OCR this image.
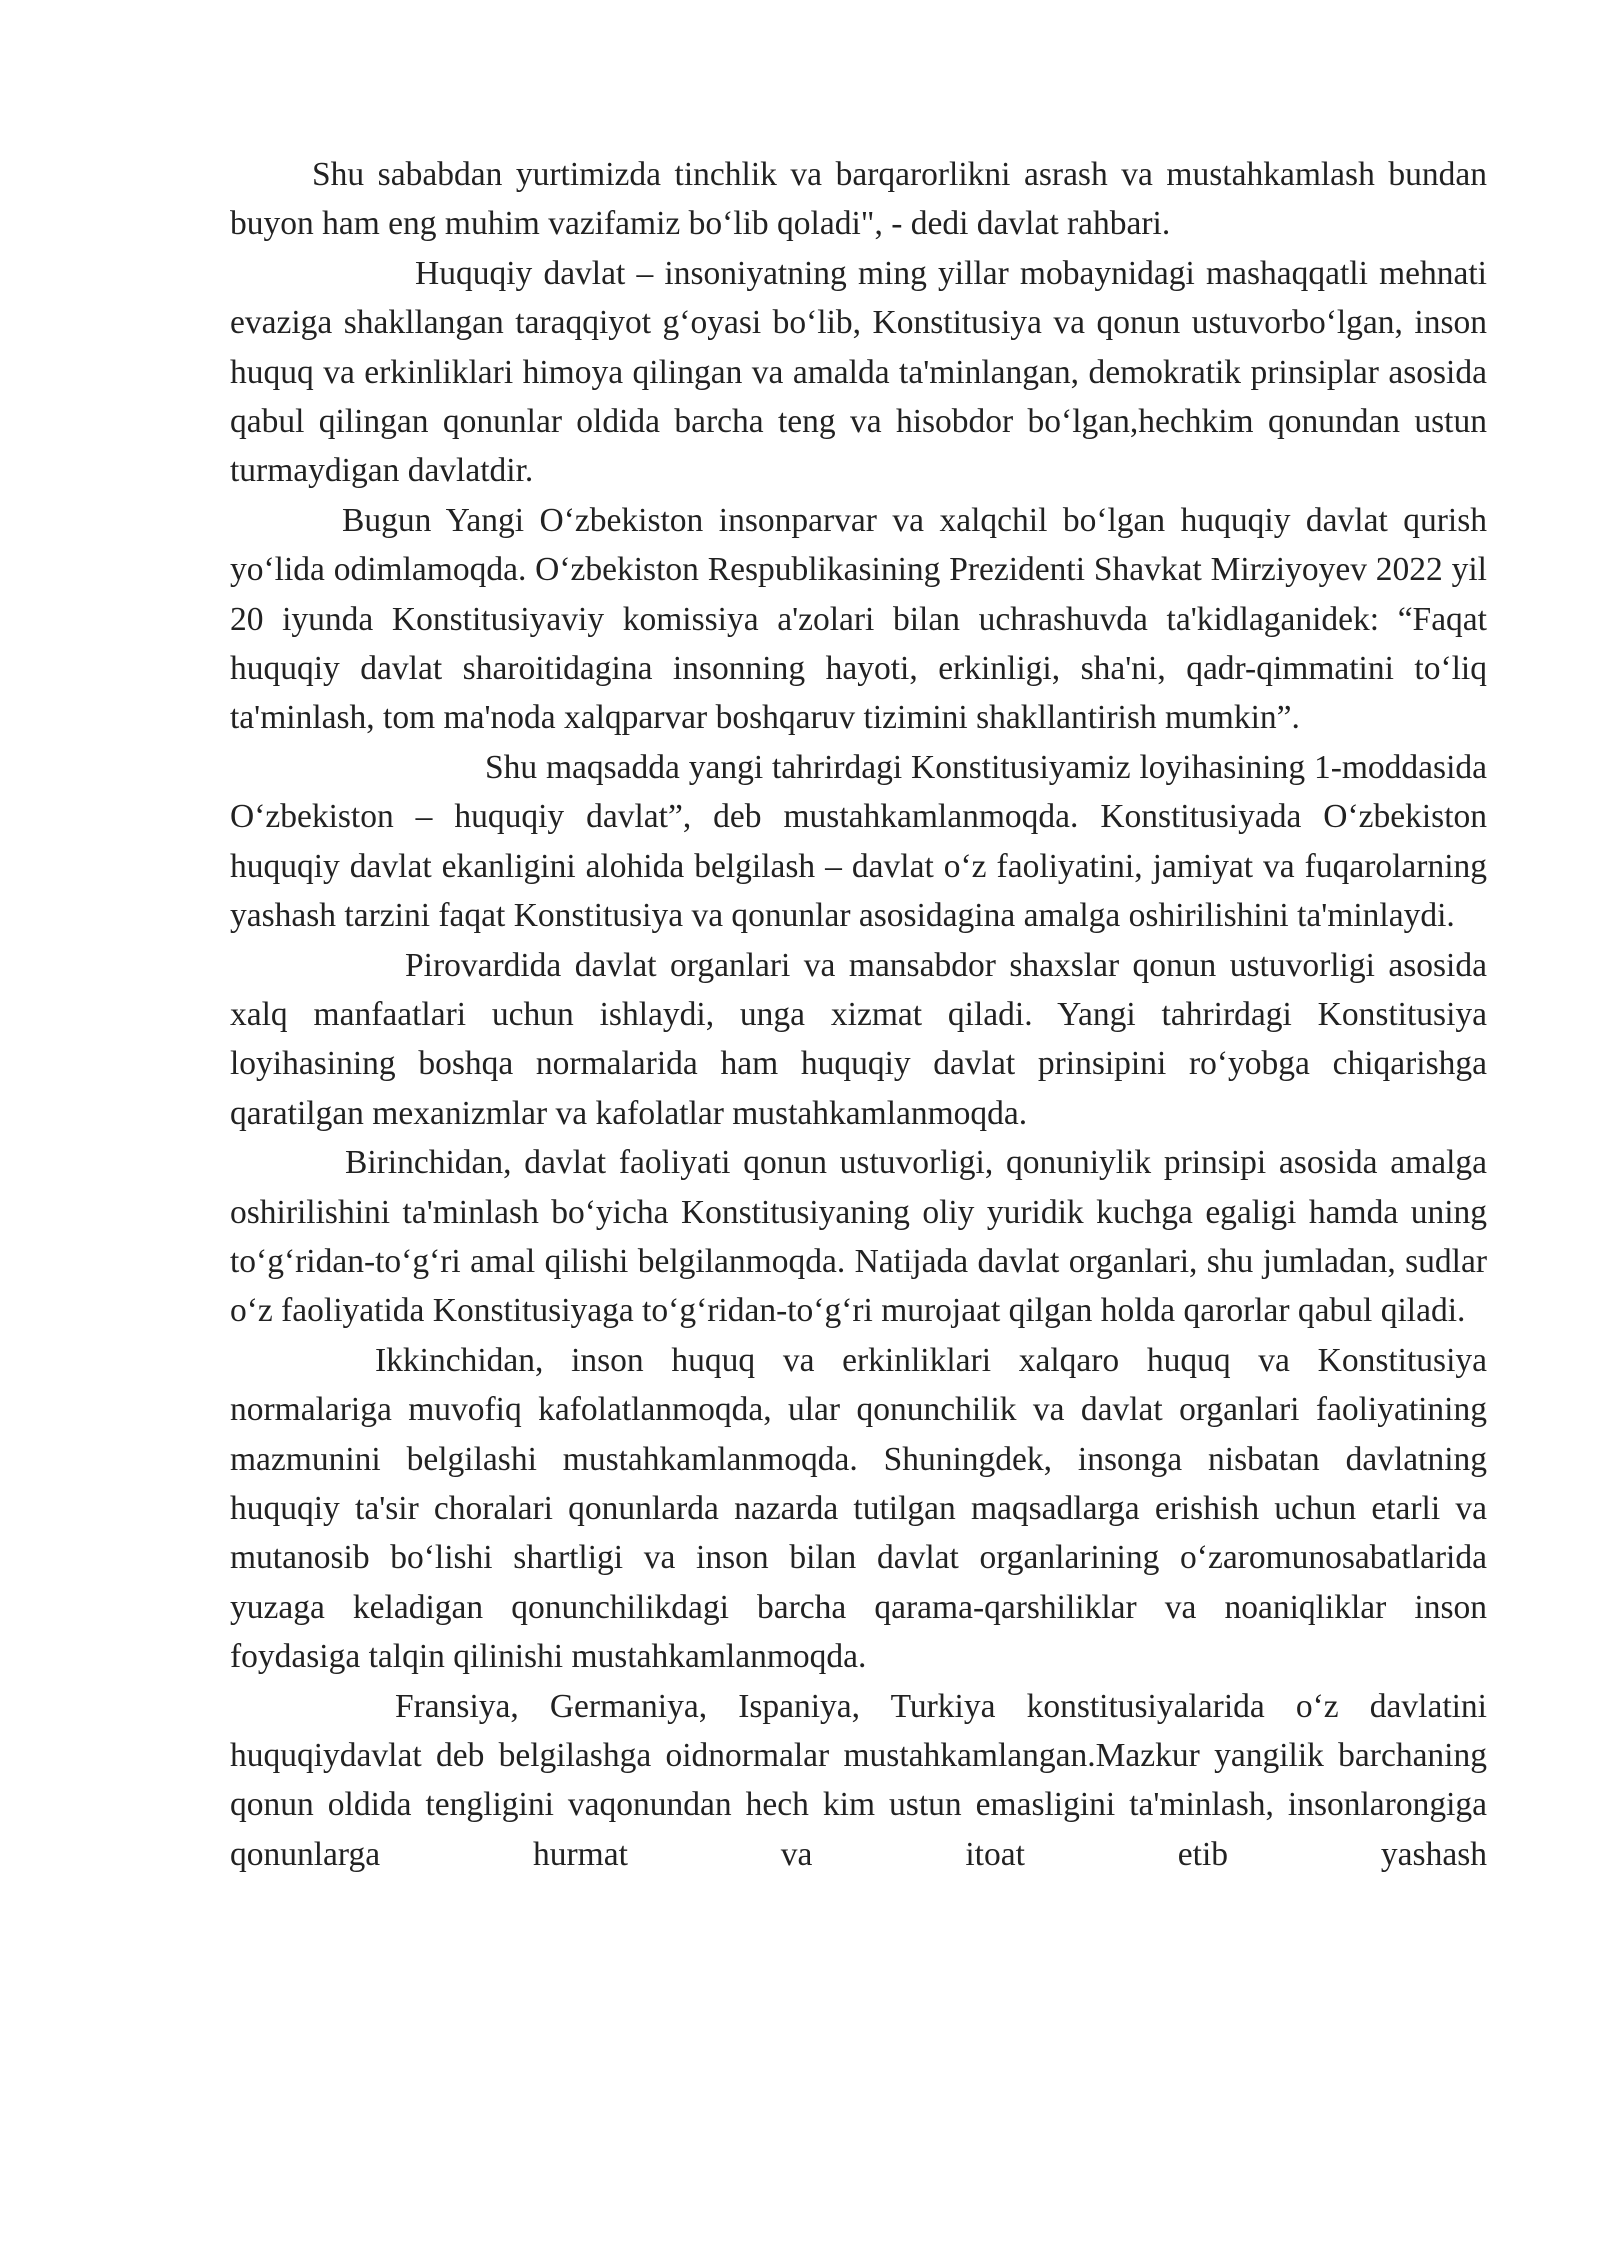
Shu sababdan yurtimizda tinchlik va barqarorlikni asrash va mustahkamlash bundan buyon ham eng muhim vazifamiz bo‘lib qoladi", - dedi davlat rahbari.

Huquqiy davlat – insoniyatning ming yillar mobaynidagi mashaqqatli mehnati evaziga shakllangan taraqqiyot g‘oyasi bo‘lib, Konstitusiya va qonun ustuvorbo‘lgan, inson huquq va erkinliklari himoya qilingan va amalda ta'minlangan, demokratik prinsiplar asosida qabul qilingan qonunlar oldida barcha teng va hisobdor bo‘lgan,hechkim qonundan ustun turmaydigan davlatdir.

Bugun Yangi O‘zbekiston insonparvar va xalqchil bo‘lgan huquqiy davlat qurish yo‘lida odimlamoqda. O‘zbekiston Respublikasining Prezidenti Shavkat Mirziyoyev 2022 yil 20 iyunda Konstitusiyaviy komissiya a'zolari bilan uchrashuvda ta'kidlaganidek: “Faqat huquqiy davlat sharoitidagina insonning hayoti, erkinligi, sha'ni, qadr-qimmatini to‘liq ta'minlash, tom ma'noda xalqparvar boshqaruv tizimini shakllantirish mumkin”.

Shu maqsadda yangi tahrirdagi Konstitusiyamiz loyihasining 1-moddasida O‘zbekiston – huquqiy davlat”, deb mustahkamlanmoqda. Konstitusiyada O‘zbekiston huquqiy davlat ekanligini alohida belgilash – davlat o‘z faoliyatini, jamiyat va fuqarolarning yashash tarzini faqat Konstitusiya va qonunlar asosidagina amalga oshirilishini ta'minlaydi.

Pirovardida davlat organlari va mansabdor shaxslar qonun ustuvorligi asosida xalq manfaatlari uchun ishlaydi, unga xizmat qiladi. Yangi tahrirdagi Konstitusiya loyihasining boshqa normalarida ham huquqiy davlat prinsipini ro‘yobga chiqarishga qaratilgan mexanizmlar va kafolatlar mustahkamlanmoqda.

Birinchidan, davlat faoliyati qonun ustuvorligi, qonuniylik prinsipi asosida amalga oshirilishini ta'minlash bo‘yicha Konstitusiyaning oliy yuridik kuchga egaligi hamda uning to‘g‘ridan-to‘g‘ri amal qilishi belgilanmoqda. Natijada davlat organlari, shu jumladan, sudlar o‘z faoliyatida Konstitusiyaga to‘g‘ridan-to‘g‘ri murojaat qilgan holda qarorlar qabul qiladi.

Ikkinchidan, inson huquq va erkinliklari xalqaro huquq va Konstitusiya normalariga muvofiq kafolatlanmoqda, ular qonunchilik va davlat organlari faoliyatining mazmunini belgilashi mustahkamlanmoqda. Shuningdek, insonga nisbatan davlatning huquqiy ta'sir choralari qonunlarda nazarda tutilgan maqsadlarga erishish uchun etarli va mutanosib bo‘lishi shartligi va inson bilan davlat organlarining o‘zaromunosabatlarida yuzaga keladigan qonunchilikdagi barcha qarama-qarshiliklar va noaniqliklar inson foydasiga talqin qilinishi mustahkamlanmoqda.

Fransiya, Germaniya, Ispaniya, Turkiya konstitusiyalarida o‘z davlatini huquqiydavlat deb belgilashga oidnormalar mustahkamlangan.Mazkur yangilik barchaning qonun oldida tengligini vaqonundan hech kim ustun emasligini ta'minlash, insonlarongiga qonunlarga hurmat va itoat etib yashash
